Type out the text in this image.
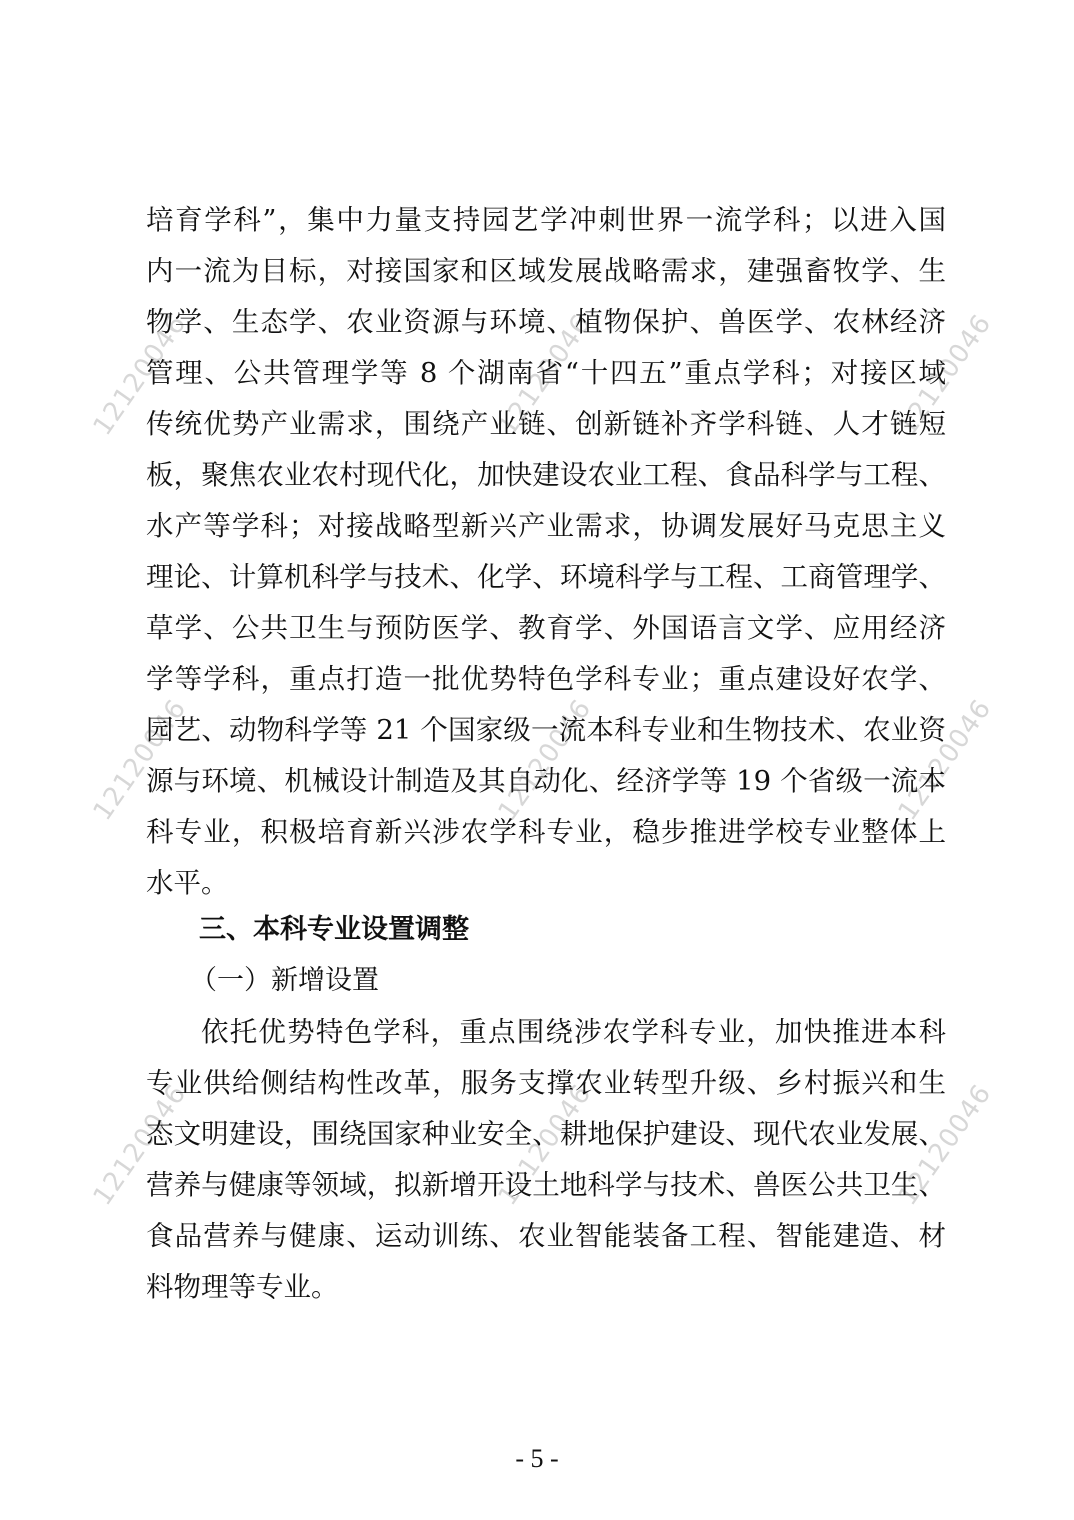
12120046	12120046	12120046
12120046	12120046	12120046
12120046	12120046	12120046
培育学科”，集中力量支持园艺学冲刺世界一流学科；以进入国
内一流为目标，对接国家和区域发展战略需求，建强畜牧学、生
物学、生态学、农业资源与环境、植物保护、兽医学、农林经济
管理、公共管理学等 8 个湖南省“十四五”重点学科；对接区域
传统优势产业需求，围绕产业链、创新链补齐学科链、人才链短
板，聚焦农业农村现代化，加快建设农业工程、食品科学与工程、
水产等学科；对接战略型新兴产业需求，协调发展好马克思主义
理论、计算机科学与技术、化学、环境科学与工程、工商管理学、
草学、公共卫生与预防医学、教育学、外国语言文学、应用经济
学等学科，重点打造一批优势特色学科专业；重点建设好农学、
园艺、动物科学等 21 个国家级一流本科专业和生物技术、农业资
源与环境、机械设计制造及其自动化、经济学等 19 个省级一流本
科专业，积极培育新兴涉农学科专业，稳步推进学校专业整体上
水平。
三、本科专业设置调整
（一）新增设置
依托优势特色学科，重点围绕涉农学科专业，加快推进本科
专业供给侧结构性改革，服务支撑农业转型升级、乡村振兴和生
态文明建设，围绕国家种业安全、耕地保护建设、现代农业发展、
营养与健康等领域，拟新增开设土地科学与技术、兽医公共卫生、
食品营养与健康、运动训练、农业智能装备工程、智能建造、材
料物理等专业。
- 5 -
